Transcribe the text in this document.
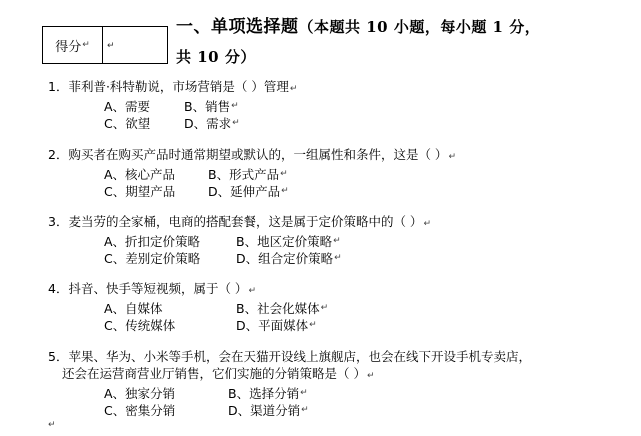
得分 ↵ ↵
一、单项选择题（本题共 10 小题，每小题 1 分，
共 10 分）
1．菲利普·科特勒说，市场营销是（ ）管理↵
A、需要	B、销售 ↵
C、欲望	D、需求 ↵
2．购买者在购买产品时通常期望或默认的，一组属性和条件，这是（ ）↵
A、核心产品	B、形式产品 ↵
C、期望产品	D、延伸产品 ↵
3．麦当劳的全家桶，电商的搭配套餐，这是属于定价策略中的（ ）↵
A、折扣定价策略	B、地区定价策略 ↵
C、差别定价策略	D、组合定价策略 ↵
4．抖音、快手等短视频，属于（ ）↵
A、自媒体	B、社会化媒体 ↵
C、传统媒体	D、平面媒体 ↵
5．苹果、华为、小米等手机，会在天猫开设线上旗舰店，也会在线下开设手机专卖店，
还会在运营商营业厅销售，它们实施的分销策略是（ ）↵
A、独家分销	B、选择分销 ↵
C、密集分销	D、渠道分销 ↵
↵
